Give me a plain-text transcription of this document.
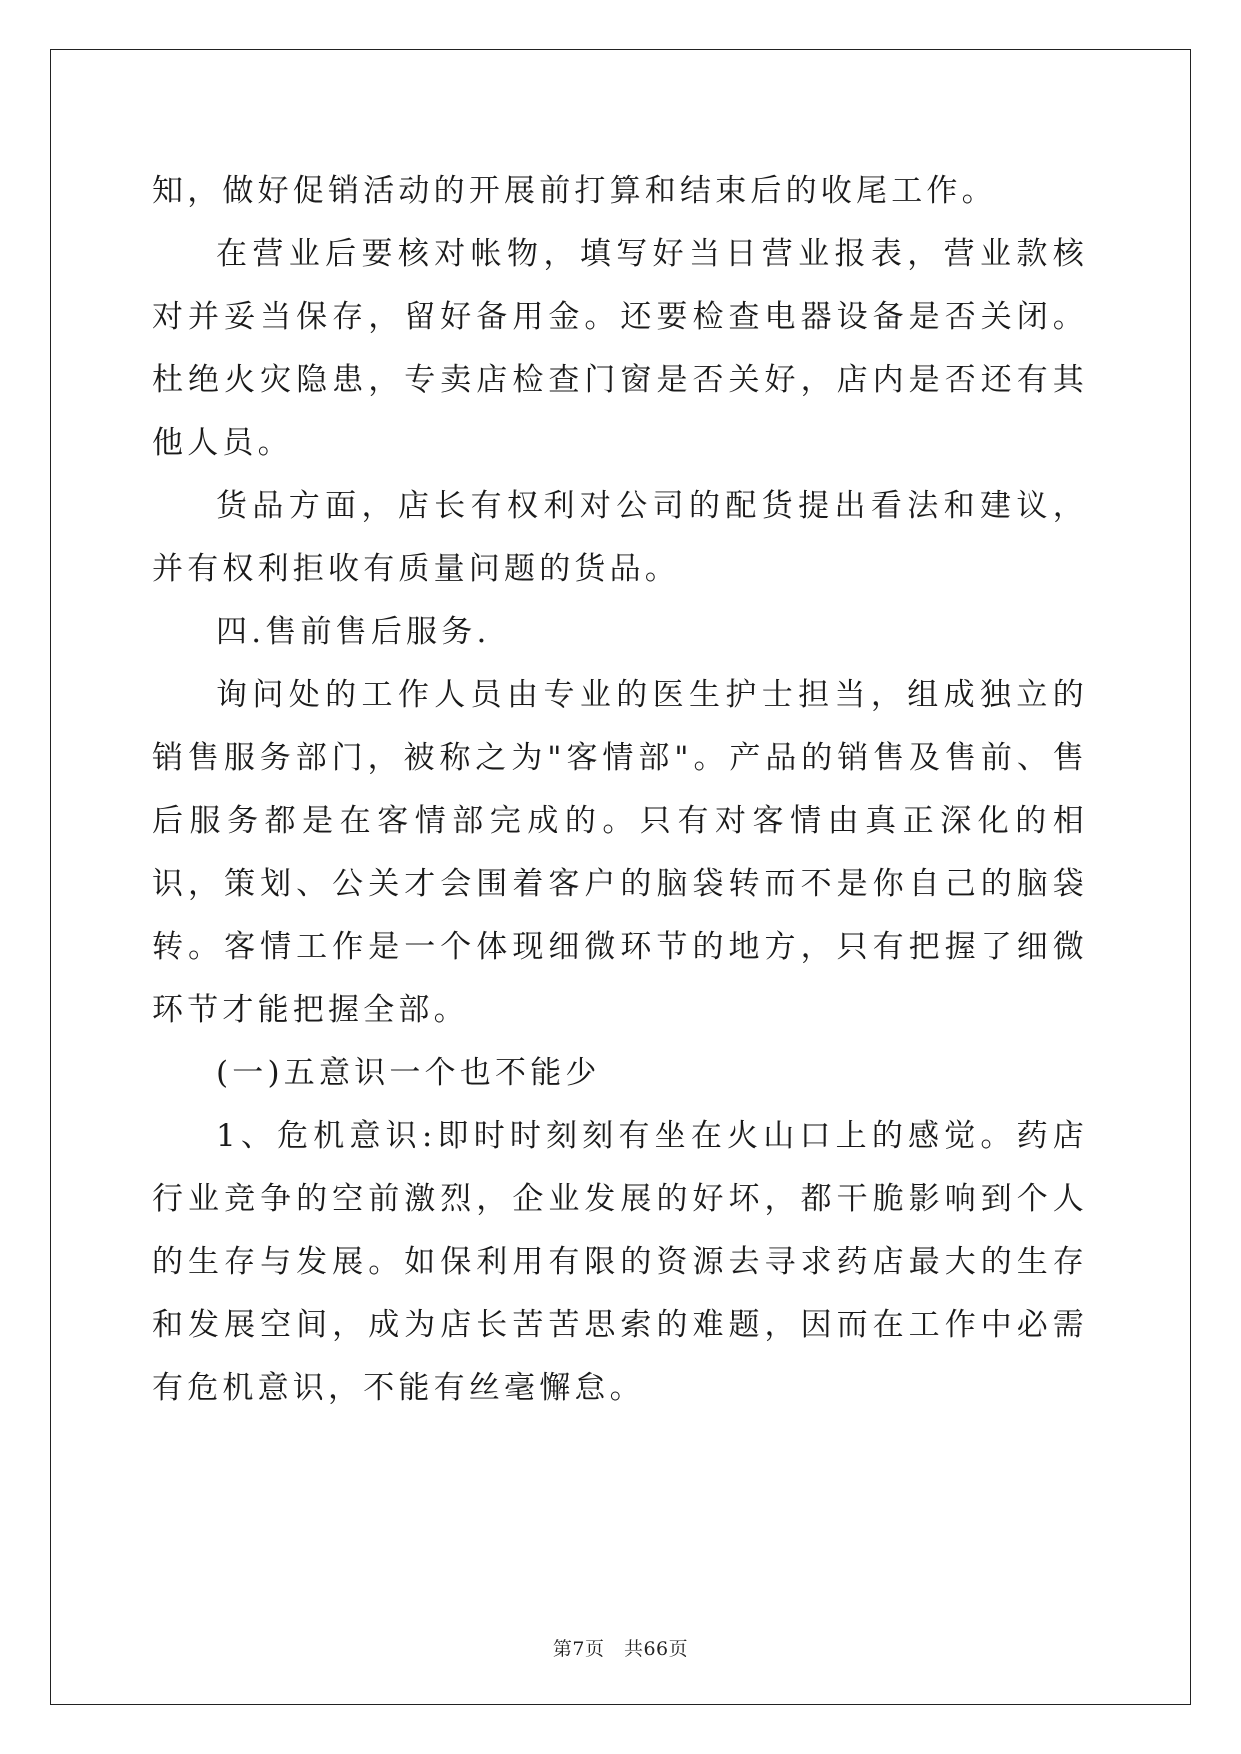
知，做好促销活动的开展前打算和结束后的收尾工作。

在营业后要核对帐物，填写好当日营业报表，营业款核对并妥当保存，留好备用金。还要检查电器设备是否关闭。杜绝火灾隐患，专卖店检查门窗是否关好，店内是否还有其他人员。

货品方面，店长有权利对公司的配货提出看法和建议，并有权利拒收有质量问题的货品。

四.售前售后服务.

询问处的工作人员由专业的医生护士担当，组成独立的销售服务部门，被称之为"客情部"。产品的销售及售前、售后服务都是在客情部完成的。只有对客情由真正深化的相识，策划、公关才会围着客户的脑袋转而不是你自己的脑袋转。客情工作是一个体现细微环节的地方，只有把握了细微环节才能把握全部。

(一)五意识一个也不能少

1、危机意识:即时时刻刻有坐在火山口上的感觉。药店行业竞争的空前激烈，企业发展的好坏，都干脆影响到个人的生存与发展。如保利用有限的资源去寻求药店最大的生存和发展空间，成为店长苦苦思索的难题，因而在工作中必需有危机意识，不能有丝毫懈怠。

第7页　共66页
